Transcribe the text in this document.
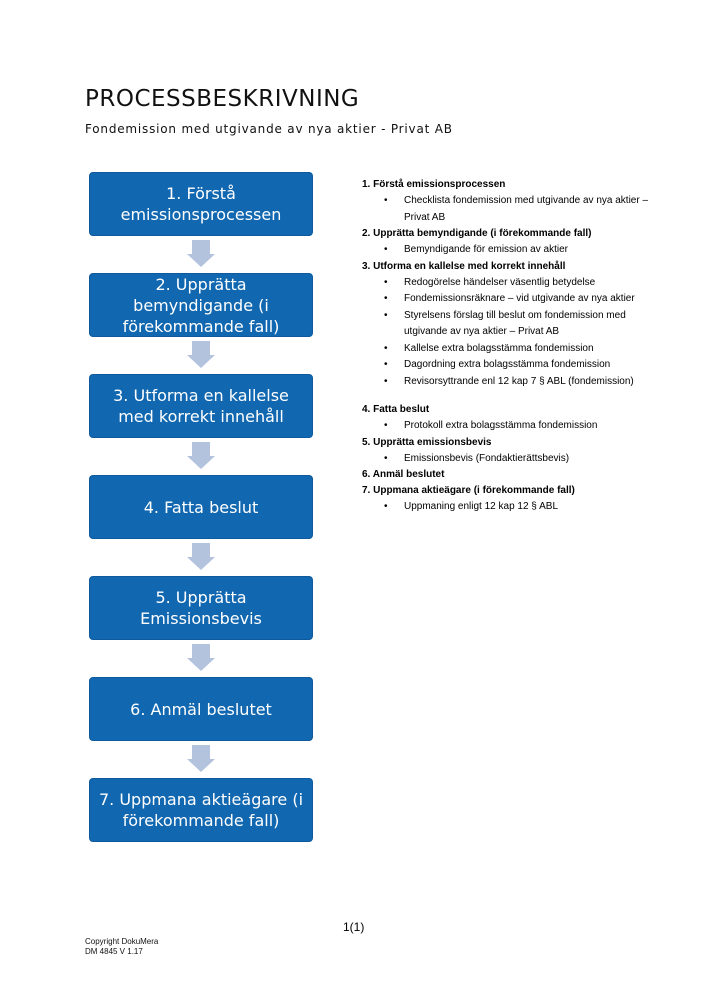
PROCESSBESKRIVNING
Fondemission med utgivande av nya aktier - Privat AB
1. Förstå emissionsprocessen
2. Upprätta bemyndigande (i förekommande fall)
3. Utforma en kallelse med korrekt innehåll
4. Fatta beslut
5. Upprätta Emissionsbevis
6. Anmäl beslutet
7. Uppmana aktieägare (i förekommande fall)
1. Förstå emissionsprocessen
• Checklista fondemission med utgivande av nya aktier – Privat AB
2. Upprätta bemyndigande (i förekommande fall)
• Bemyndigande för emission av aktier
3. Utforma en kallelse med korrekt innehåll
• Redogörelse händelser väsentlig betydelse
• Fondemissionsräknare – vid utgivande av nya aktier
• Styrelsens förslag till beslut om fondemission med utgivande av nya aktier – Privat AB
• Kallelse extra bolagsstämma fondemission
• Dagordning extra bolagsstämma fondemission
• Revisorsyttrande enl 12 kap 7 § ABL (fondemission)
4. Fatta beslut
• Protokoll extra bolagsstämma fondemission
5. Upprätta emissionsbevis
• Emissionsbevis (Fondaktierättsbevis)
6. Anmäl beslutet
7. Uppmana aktieägare (i förekommande fall)
• Uppmaning enligt 12 kap 12 § ABL
1(1)
Copyright DokuMera
DM 4845 V 1.17
